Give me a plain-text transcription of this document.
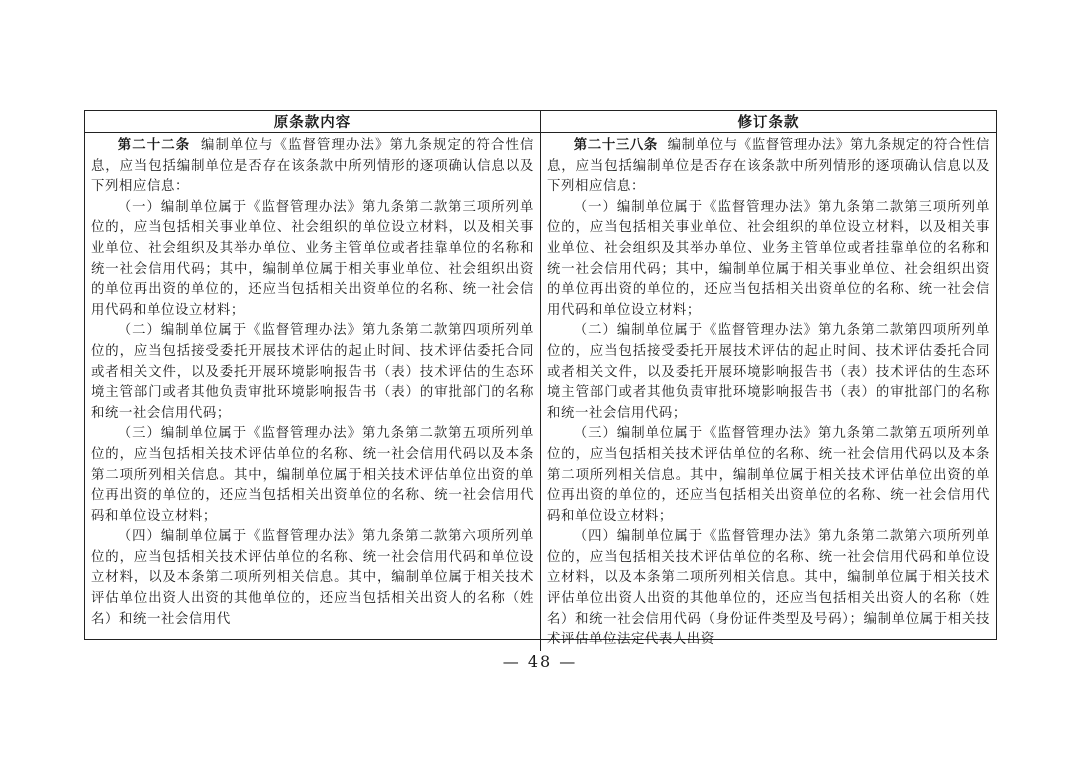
原条款内容	修订条款

第二十二条 编制单位与《监督管理办法》第九条规定的符合性信息，应当包括编制单位是否存在该条款中所列情形的逐项确认信息以及下列相应信息：

（一）编制单位属于《监督管理办法》第九条第二款第三项所列单位的，应当包括相关事业单位、社会组织的单位设立材料，以及相关事业单位、社会组织及其举办单位、业务主管单位或者挂靠单位的名称和统一社会信用代码；其中，编制单位属于相关事业单位、社会组织出资的单位再出资的单位的，还应当包括相关出资单位的名称、统一社会信用代码和单位设立材料；

（二）编制单位属于《监督管理办法》第九条第二款第四项所列单位的，应当包括接受委托开展技术评估的起止时间、技术评估委托合同或者相关文件，以及委托开展环境影响报告书（表）技术评估的生态环境主管部门或者其他负责审批环境影响报告书（表）的审批部门的名称和统一社会信用代码；

（三）编制单位属于《监督管理办法》第九条第二款第五项所列单位的，应当包括相关技术评估单位的名称、统一社会信用代码以及本条第二项所列相关信息。其中，编制单位属于相关技术评估单位出资的单位再出资的单位的，还应当包括相关出资单位的名称、统一社会信用代码和单位设立材料；

（四）编制单位属于《监督管理办法》第九条第二款第六项所列单位的，应当包括相关技术评估单位的名称、统一社会信用代码和单位设立材料，以及本条第二项所列相关信息。其中，编制单位属于相关技术评估单位出资人出资的其他单位的，还应当包括相关出资人的名称（姓名）和统一社会信用代

第二十三八条 编制单位与《监督管理办法》第九条规定的符合性信息，应当包括编制单位是否存在该条款中所列情形的逐项确认信息以及下列相应信息：

（一）编制单位属于《监督管理办法》第九条第二款第三项所列单位的，应当包括相关事业单位、社会组织的单位设立材料，以及相关事业单位、社会组织及其举办单位、业务主管单位或者挂靠单位的名称和统一社会信用代码；其中，编制单位属于相关事业单位、社会组织出资的单位再出资的单位的，还应当包括相关出资单位的名称、统一社会信用代码和单位设立材料；

（二）编制单位属于《监督管理办法》第九条第二款第四项所列单位的，应当包括接受委托开展技术评估的起止时间、技术评估委托合同或者相关文件，以及委托开展环境影响报告书（表）技术评估的生态环境主管部门或者其他负责审批环境影响报告书（表）的审批部门的名称和统一社会信用代码；

（三）编制单位属于《监督管理办法》第九条第二款第五项所列单位的，应当包括相关技术评估单位的名称、统一社会信用代码以及本条第二项所列相关信息。其中，编制单位属于相关技术评估单位出资的单位再出资的单位的，还应当包括相关出资单位的名称、统一社会信用代码和单位设立材料；

（四）编制单位属于《监督管理办法》第九条第二款第六项所列单位的，应当包括相关技术评估单位的名称、统一社会信用代码和单位设立材料，以及本条第二项所列相关信息。其中，编制单位属于相关技术评估单位出资人出资的其他单位的，还应当包括相关出资人的名称（姓名）和统一社会信用代码（身份证件类型及号码）；编制单位属于相关技术评估单位法定代表人出资

— 48 —
